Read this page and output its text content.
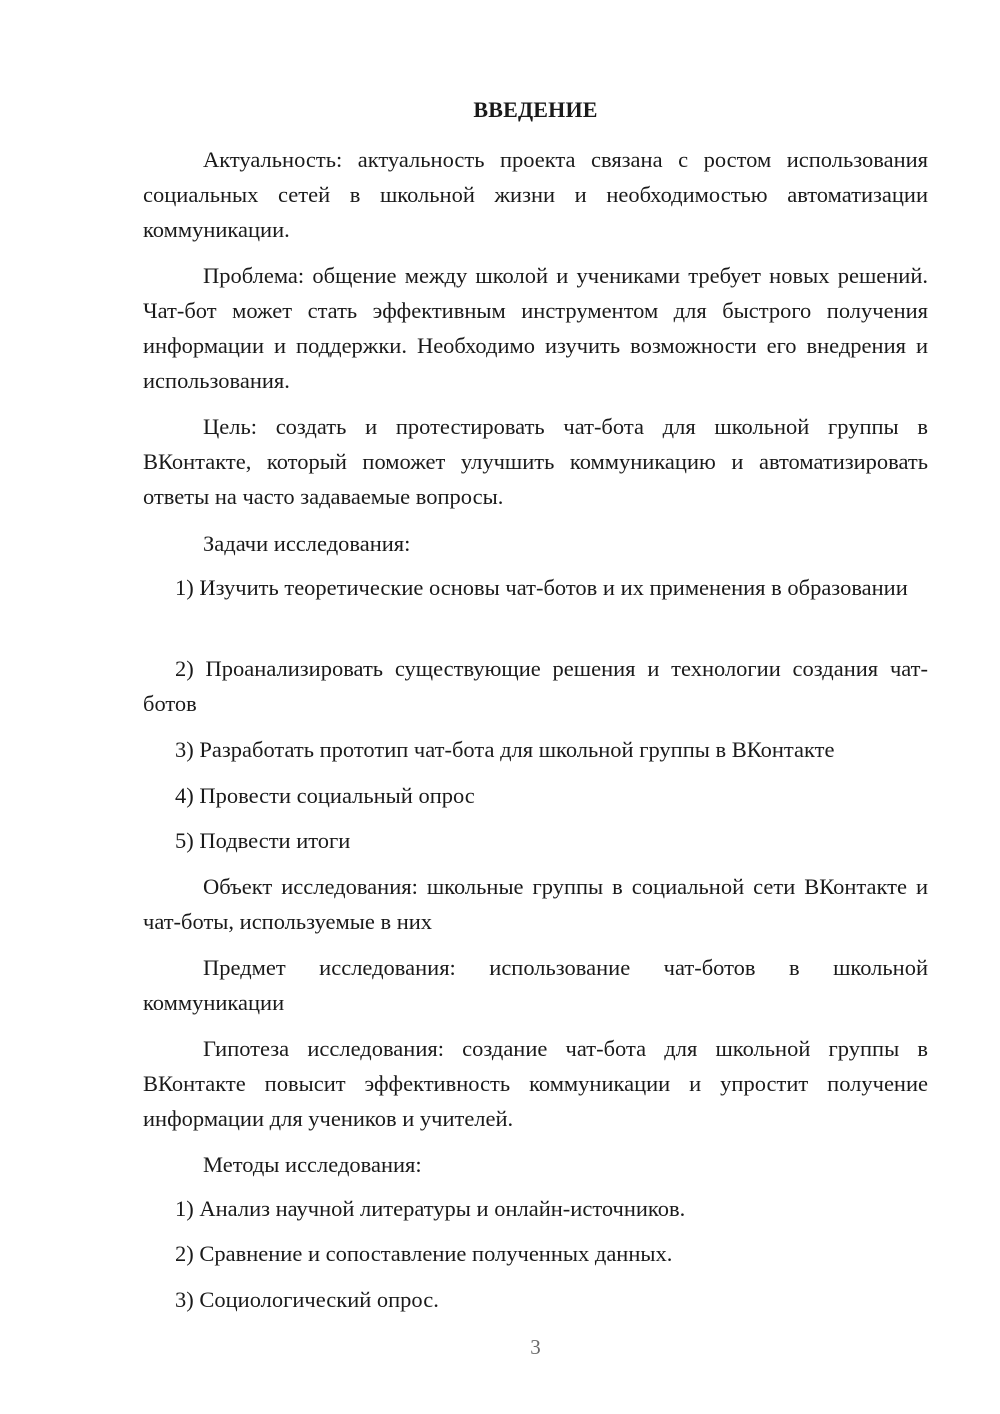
ВВЕДЕНИЕ

Актуальность: актуальность проекта связана с ростом использования социальных сетей в школьной жизни и необходимостью автоматизации коммуникации.

Проблема: общение между школой и учениками требует новых решений. Чат-бот может стать эффективным инструментом для быстрого получения информации и поддержки. Необходимо изучить возможности его внедрения и использования.

Цель: создать и протестировать чат-бота для школьной группы в ВКонтакте, который поможет улучшить коммуникацию и автоматизировать ответы на часто задаваемые вопросы.

Задачи исследования:

1) Изучить теоретические основы чат-ботов и их применения в образовании

2) Проанализировать существующие решения и технологии создания чат-ботов

3) Разработать прототип чат-бота для школьной группы в ВКонтакте

4) Провести социальный опрос

5) Подвести итоги

Объект исследования: школьные группы в социальной сети ВКонтакте и чат-боты, используемые в них

Предмет исследования: использование чат-ботов в школьной коммуникации

Гипотеза исследования: создание чат-бота для школьной группы в ВКонтакте повысит эффективность коммуникации и упростит получение информации для учеников и учителей.

Методы исследования:

1) Анализ научной литературы и онлайн-источников.

2) Сравнение и сопоставление полученных данных.

3) Социологический опрос.

3
